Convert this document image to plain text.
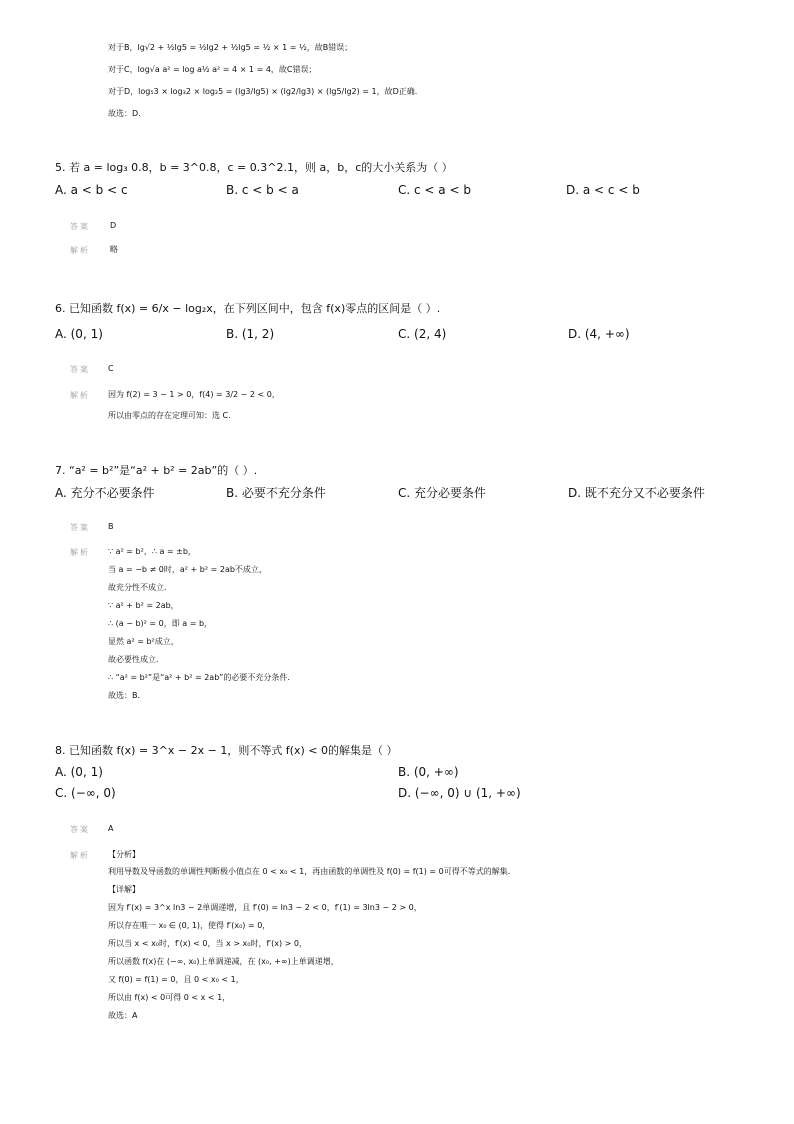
对于B，lg√2 + ½lg5 = ½lg2 + ½lg5 = ½ × 1 = ½，故B错误；
对于C，log√a a² = log a½ a² = 4 × 1 = 4，故C错误；
对于D，log₅3 × log₃2 × log₂5 = (lg3/lg5) × (lg2/lg3) × (lg5/lg2) = 1，故D正确.
故选：D.
5. 若 a = log₃ 0.8，b = 3^0.8，c = 0.3^2.1，则 a，b，c的大小关系为（ ）
A. a < b < c	B. c < b < a	C. c < a < b	D. a < c < b
答案	D
解析	略
6. 已知函数 f(x) = 6/x − log₂x，在下列区间中，包含 f(x)零点的区间是（ ）.
A. (0, 1)	B. (1, 2)	C. (2, 4)	D. (4, +∞)
答案 C
解析 因为 f(2) = 3 − 1 > 0，f(4) = 3/2 − 2 < 0，
所以由零点的存在定理可知：选 C.
7. “a² = b²”是“a² + b² = 2ab”的（ ）.
A. 充分不必要条件	B. 必要不充分条件	C. 充分必要条件	D. 既不充分又不必要条件
答案 B
解析 ∵ a² = b²，∴ a = ±b，
当 a = −b ≠ 0时，a² + b² = 2ab不成立，
故充分性不成立.
∵ a² + b² = 2ab，
∴ (a − b)² = 0，即 a = b，
显然 a² = b²成立，
故必要性成立.
∴ “a² = b²”是“a² + b² = 2ab”的必要不充分条件.
故选：B.
8. 已知函数 f(x) = 3^x − 2x − 1，则不等式 f(x) < 0的解集是（ ）
A. (0, 1)	B. (0, +∞)
C. (−∞, 0)	D. (−∞, 0) ∪ (1, +∞)
答案 A
解析 【分析】
利用导数及导函数的单调性判断极小值点在 0 < x₀ < 1，再由函数的单调性及 f(0) = f(1) = 0可得不等式的解集.
【详解】
因为 f′(x) = 3^x ln3 − 2单调递增，且 f′(0) = ln3 − 2 < 0，f′(1) = 3ln3 − 2 > 0，
所以存在唯一 x₀ ∈ (0, 1)，使得 f′(x₀) = 0，
所以当 x < x₀时，f′(x) < 0，当 x > x₀时，f′(x) > 0，
所以函数 f(x)在 (−∞, x₀)上单调递减，在 (x₀, +∞)上单调递增，
又 f(0) = f(1) = 0，且 0 < x₀ < 1，
所以由 f(x) < 0可得 0 < x < 1，
故选：A
